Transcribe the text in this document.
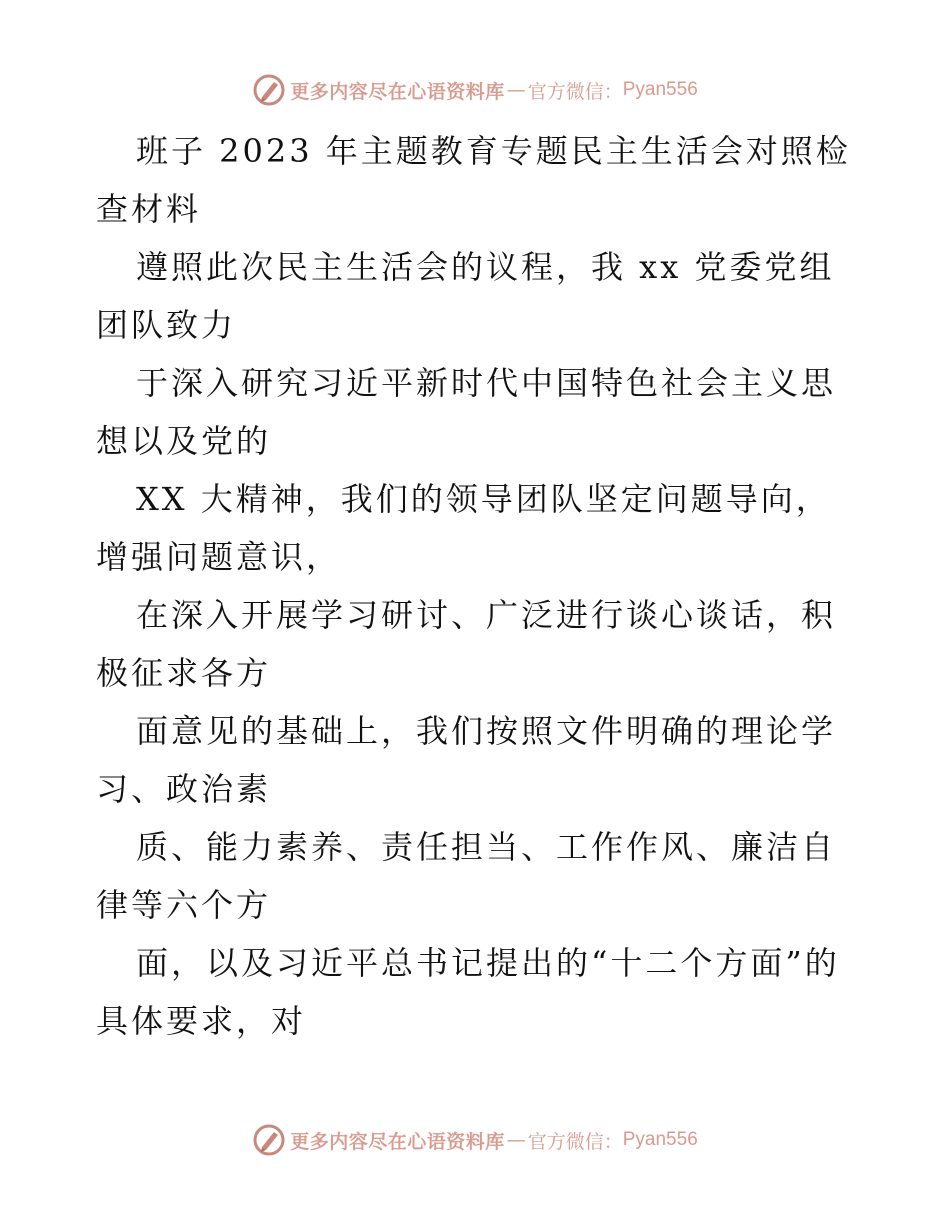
更多内容尽在心语资料库 — 官方微信： Pyan556

班子 2023 年主题教育专题民主生活会对照检查材料

遵照此次民主生活会的议程，我 xx 党委党组团队致力

于深入研究习近平新时代中国特色社会主义思想以及党的

XX 大精神，我们的领导团队坚定问题导向，增强问题意识，

在深入开展学习研讨、广泛进行谈心谈话，积极征求各方

面意见的基础上，我们按照文件明确的理论学习、政治素

质、能力素养、责任担当、工作作风、廉洁自律等六个方

面，以及习近平总书记提出的“十二个方面”的具体要求，对

更多内容尽在心语资料库 — 官方微信： Pyan556
